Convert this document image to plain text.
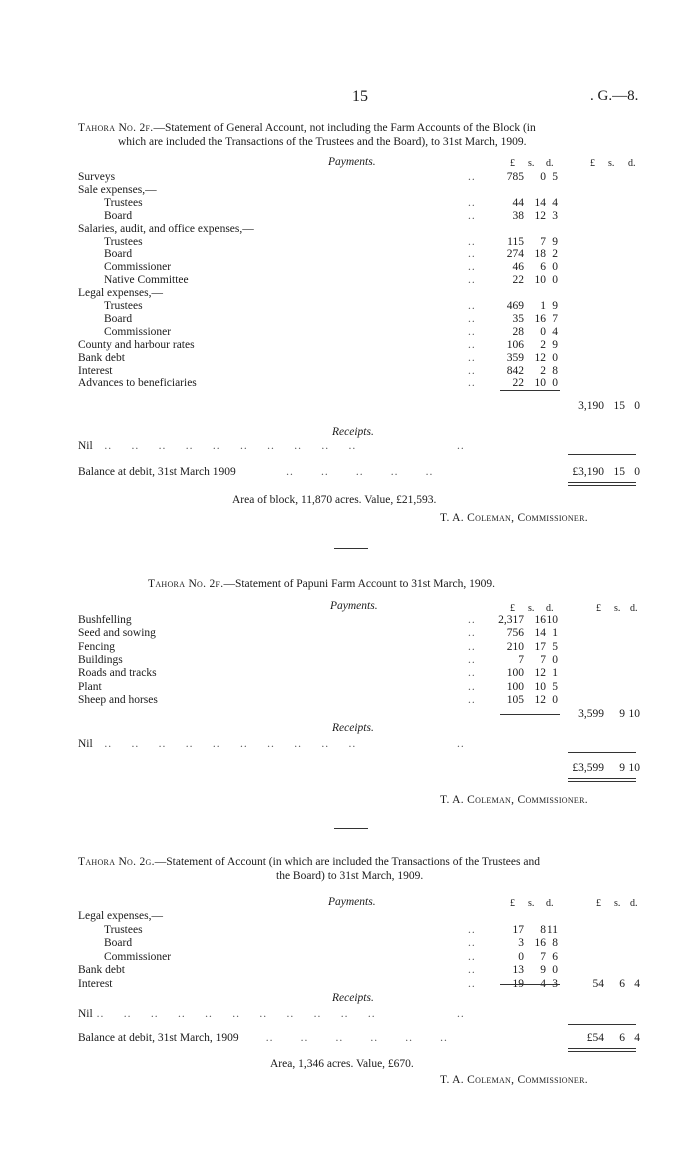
15	. G.—8.
Tahora No. 2f.—Statement of General Account, not including the Farm Accounts of the Block (in
which are included the Transactions of the Trustees and the Board), to 31st March, 1909.
Payments.	£ s. d.	£ s. d.
Surveys	..	785 0 5
Sale expenses,—
Trustees	..	44 14 4
Board	..	38 12 3
Salaries, audit, and office expenses,—
Trustees	..	115 7 9
Board	..	274 18 2
Commissioner	..	46 6 0
Native Committee	..	22 10 0
Legal expenses,—
Trustees	..	469 1 9
Board	..	35 16 7
Commissioner	..	28 0 4
County and harbour rates	..	106 2 9
Bank debt	..	359 12 0
Interest	..	842 2 8
Advances to beneficiaries	..	22 10 0
3,190 15 0
Receipts.
Nil   ..     ..     ..     ..     ..     ..     ..     ..     ..     ..                          ..
Balance at debit, 31st March 1909             ..       ..       ..       ..       ..	£3,190 15 0
Area of block, 11,870 acres. Value, £21,593.
T. A. Coleman, Commissioner.
Tahora No. 2f.—Statement of Papuni Farm Account to 31st March, 1909.
Payments.	£ s. d.	£ s. d.
Bushfelling	.. 2,317 16 10
Seed and sowing	..	756 14 1
Fencing	..	210 17 5
Buildings	..	7 7 0
Roads and tracks	..	100 12 1
Plant	..	100 10 5
Sheep and horses	..	105 12 0
3,599 9 10
Receipts.
Nil   ..     ..     ..     ..     ..     ..     ..     ..     ..     ..                          ..
£3,599 9 10
T. A. Coleman, Commissioner.
Tahora No. 2g.—Statement of Account (in which are included the Transactions of the Trustees and
the Board) to 31st March, 1909.
Payments.	£ s. d.	£ s. d.
Legal expenses,—
Trustees	..	17 8 11
Board	..	3 16 8
Commissioner	..	0 7 6
Bank debt	..	13 9 0
Interest	..	19 4 3	54 6 4
Receipts.
Nil ..     ..     ..     ..     ..     ..     ..     ..     ..     ..     ..                     ..
Balance at debit, 31st March, 1909       ..       ..       ..       ..       ..       ..	£54 6 4
Area, 1,346 acres. Value, £670.
T. A. Coleman, Commissioner.
